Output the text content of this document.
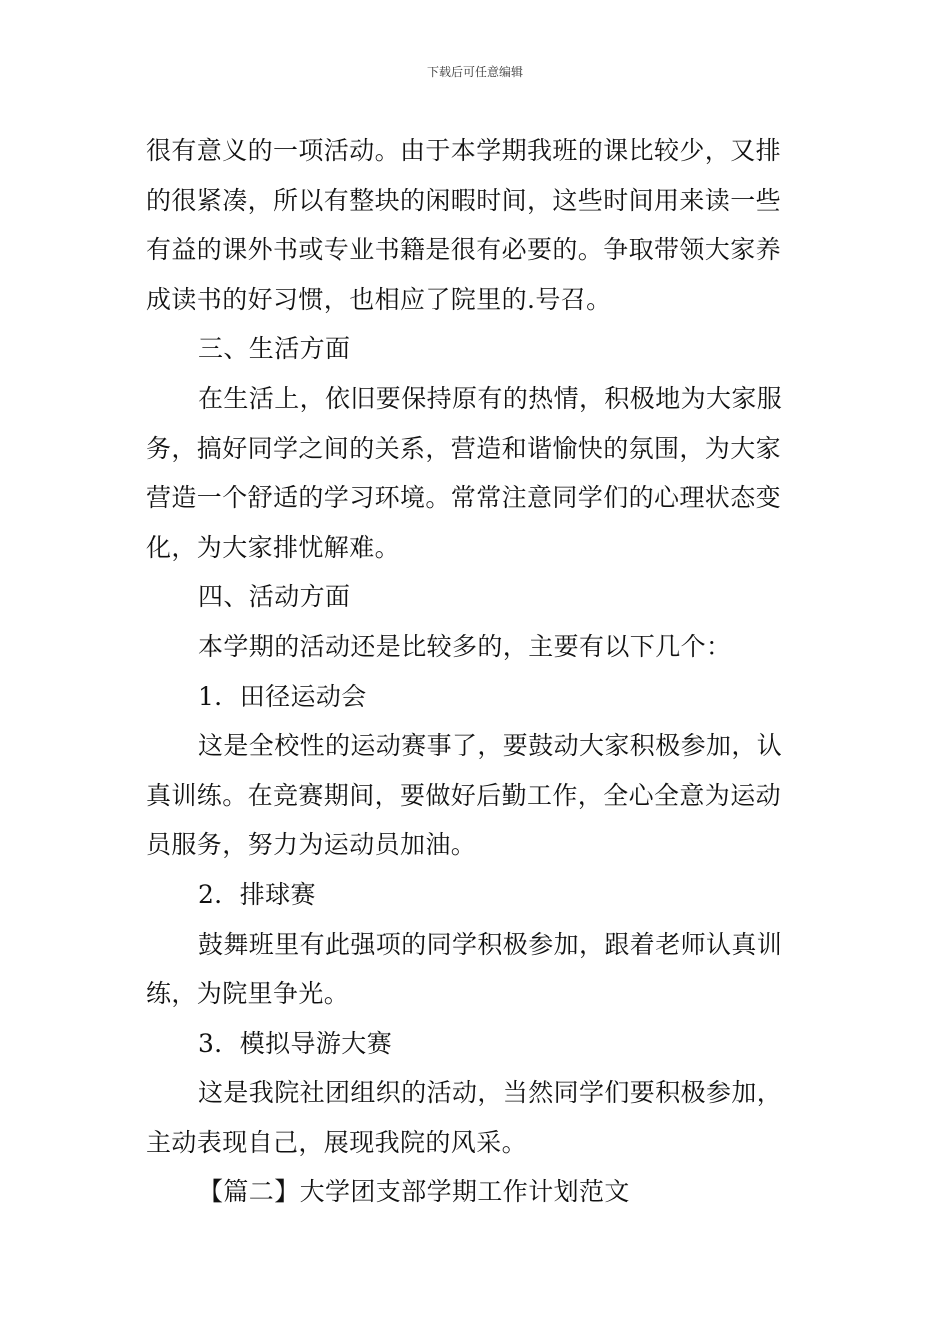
下载后可任意编辑
很有意义的一项活动。由于本学期我班的课比较少，又排
的很紧凑，所以有整块的闲暇时间，这些时间用来读一些
有益的课外书或专业书籍是很有必要的。争取带领大家养
成读书的好习惯，也相应了院里的.号召。
三、生活方面
在生活上，依旧要保持原有的热情，积极地为大家服
务，搞好同学之间的关系，营造和谐愉快的氛围，为大家
营造一个舒适的学习环境。常常注意同学们的心理状态变
化，为大家排忧解难。
四、活动方面
本学期的活动还是比较多的，主要有以下几个：
1．田径运动会
这是全校性的运动赛事了，要鼓动大家积极参加，认
真训练。在竞赛期间，要做好后勤工作，全心全意为运动
员服务，努力为运动员加油。
2．排球赛
鼓舞班里有此强项的同学积极参加，跟着老师认真训
练，为院里争光。
3．模拟导游大赛
这是我院社团组织的活动，当然同学们要积极参加，
主动表现自己，展现我院的风采。
【篇二】大学团支部学期工作计划范文
